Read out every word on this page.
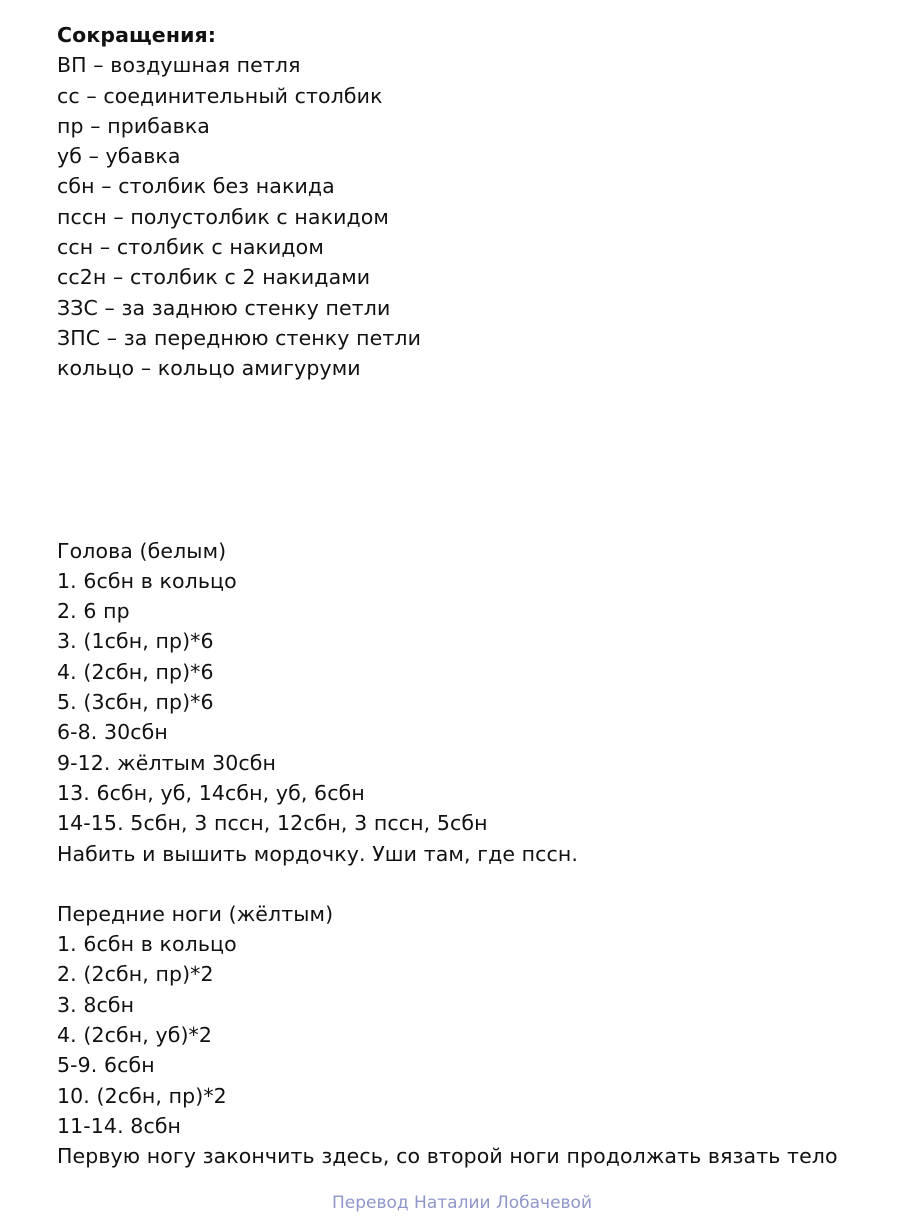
Сокращения:
ВП – воздушная петля
сс – соединительный столбик
пр – прибавка
уб – убавка
сбн – столбик без накида
пссн – полустолбик с накидом
ссн – столбик с накидом
сс2н – столбик с 2 накидами
ЗЗС – за заднюю стенку петли
ЗПС – за переднюю стенку петли
кольцо – кольцо амигуруми
Голова (белым)
1. 6сбн в кольцо
2. 6 пр
3. (1сбн, пр)*6
4. (2сбн, пр)*6
5. (3сбн, пр)*6
6-8. 30сбн
9-12. жёлтым 30сбн
13. 6сбн, уб, 14сбн, уб, 6сбн
14-15. 5сбн, 3 пссн, 12сбн, 3 пссн, 5сбн
Набить и вышить мордочку. Уши там, где пссн.
Передние ноги (жёлтым)
1. 6сбн в кольцо
2. (2сбн, пр)*2
3. 8сбн
4. (2сбн, уб)*2
5-9. 6сбн
10. (2сбн, пр)*2
11-14. 8сбн
Первую ногу закончить здесь, со второй ноги продолжать вязать тело
Перевод Наталии Лобачевой
